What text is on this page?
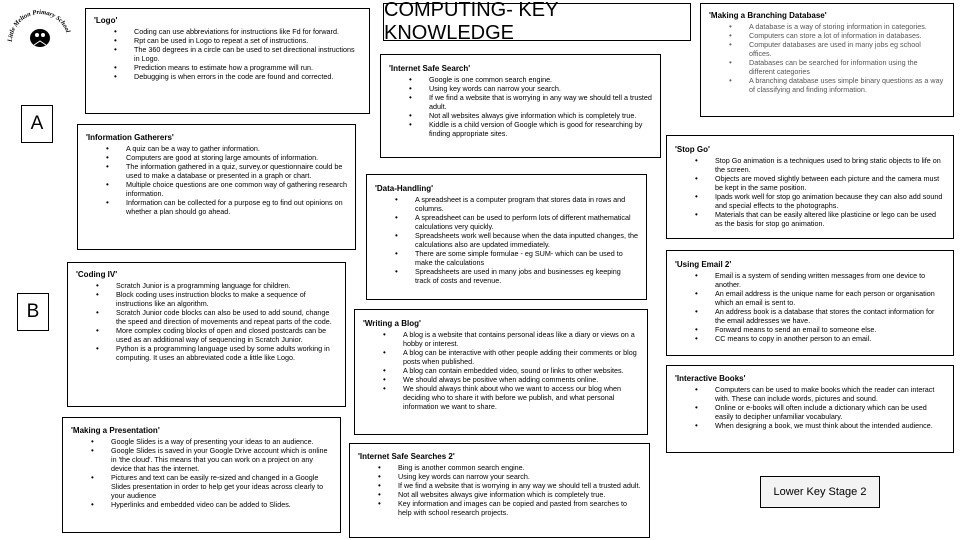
Little Melton Primary School
COMPUTING- KEY KNOWLEDGE
A
B
'Logo'
• Coding can use abbreviations for instructions like Fd for forward.
• Rpt can be used in Logo to repeat a set of instructions.
• The 360 degrees in a circle can be used to set directional instructions in Logo.
• Prediction means to estimate how a programme will run.
• Debugging is when errors in the code are found and corrected.
'Information Gatherers'
• A quiz can be a way to gather information.
• Computers are good at storing large amounts of information.
• The information gathered in a quiz, survey.or questionnaire could be used to make a database or presented in a graph or chart.
• Multiple choice questions are one common way of gathering research information.
• Information can be collected for a purpose eg to find out opinions on whether a plan should go ahead.
'Coding IV'
• Scratch Junior is a programming language for children.
• Block coding uses instruction blocks to make a sequence of instructions like an algorithm.
• Scratch Junior code blocks can also be used to add sound, change the speed and direction of movements and repeat parts of the code.
• More complex coding blocks of open and closed postcards can be used as an additional way of sequencing in Scratch Junior.
• Python is a programming language used by some adults working in computing. It uses an abbreviated code a little like Logo.
'Making a Presentation'
• Google Slides is a way of presenting your ideas to an audience.
• Google Slides is saved in your Google Drive account which is online in 'the cloud'. This means that you can work on a project on any device that has the internet.
• Pictures and text can be easily re-sized and changed in a Google Slides presentation in order to help get your ideas across clearly to your audience
• Hyperlinks and embedded video can be added to Slides.
'Internet Safe Search'
• Google is one common search engine.
• Using key words can narrow your search.
• If we find a website that is worrying in any way we should tell a trusted adult.
• Not all websites always give information which is completely true.
• Kiddle is a child version of Google which is good for researching by finding appropriate sites.
'Data-Handling'
• A spreadsheet is a computer program that stores data in rows and columns.
• A spreadsheet can be used to perform lots of different mathematical calculations very quickly.
• Spreadsheets work well because when the data inputted changes, the calculations also are updated immediately.
• There are some simple formulae - eg SUM- which can be used to make the calculations
• Spreadsheets are used in many jobs and businesses eg keeping track of costs and revenue.
'Writing a Blog'
• A blog is a website that contains personal ideas like a diary or views on a hobby or interest.
• A blog can be interactive with other people adding their comments or blog posts when published.
• A blog can contain embedded video, sound or links to other websites.
• We should always be positive when adding comments online.
• We should always think about who we want to access our blog when deciding who to share it with before we publish, and what personal information we want to share.
'Internet Safe Searches 2'
• Bing is another common search engine.
• Using key words can narrow your search.
• If we find a website that is worrying in any way we should tell a trusted adult.
• Not all websites always give information which is completely true.
• Key information and images can be copied and pasted from searches to help with school research projects.
'Making a Branching Database'
• A database is a way of storing information in categories.
• Computers can store a lot of information in databases.
• Computer databases are used in many jobs eg school offices.
• Databases can be searched for information using the different categories
• A branching database uses simple binary questions as a way of classifying and finding information.
'Stop Go'
• Stop Go animation is a techniques used to bring static objects to life on the screen.
• Objects are moved slightly between each picture and the camera must be kept in the same position.
• Ipads work well for stop go animation because they can also add sound and special effects to the photographs.
• Materials that can be easily altered like plasticine or lego can be used as the basis for stop go animation.
'Using Email 2'
• Email is a system of sending written messages from one device to another.
• An email address is the unique name for each person or organisation which an email is sent to.
• An address book is a database that stores the contact information for the email addresses we have.
• Forward means to send an email to someone else.
• CC means to copy in another person to an email.
'Interactive Books'
• Computers can be used to make books which the reader can interact with. These can include words, pictures and sound.
• Online or e-books will often include a dictionary which can be used easily to decipher unfamiliar vocabulary.
• When designing a book, we must think about the intended audience.
Lower Key Stage 2
